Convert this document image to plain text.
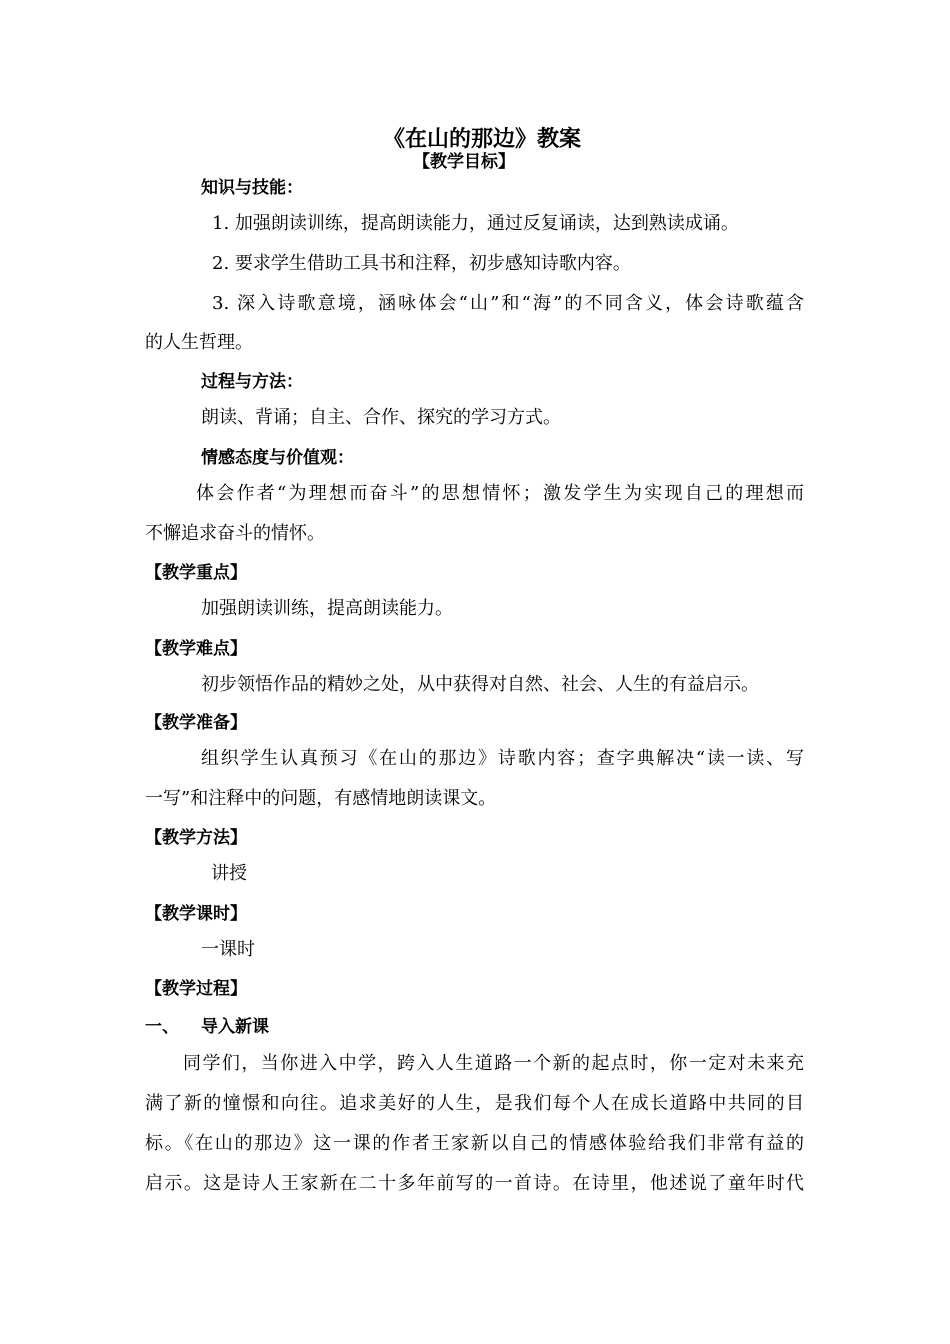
《在山的那边》教案
【教学目标】
知识与技能：
1. 加强朗读训练，提高朗读能力，通过反复诵读，达到熟读成诵。
2. 要求学生借助工具书和注释，初步感知诗歌内容。
3. 深入诗歌意境，涵咏体会“山”和“海”的不同含义，体会诗歌蕴含
的人生哲理。
过程与方法：
朗读、背诵；自主、合作、探究的学习方式。
情感态度与价值观：
体会作者“为理想而奋斗”的思想情怀；激发学生为实现自己的理想而
不懈追求奋斗的情怀。
【教学重点】
加强朗读训练，提高朗读能力。
【教学难点】
初步领悟作品的精妙之处，从中获得对自然、社会、人生的有益启示。
【教学准备】
组织学生认真预习《在山的那边》诗歌内容；查字典解决“读一读、写
一写”和注释中的问题，有感情地朗读课文。
【教学方法】
讲授
【教学课时】
一课时
【教学过程】
一、 导入新课
同学们，当你进入中学，跨入人生道路一个新的起点时，你一定对未来充
满了新的憧憬和向往。追求美好的人生，是我们每个人在成长道路中共同的目
标。《在山的那边》这一课的作者王家新以自己的情感体验给我们非常有益的
启示。这是诗人王家新在二十多年前写的一首诗。在诗里，他述说了童年时代
